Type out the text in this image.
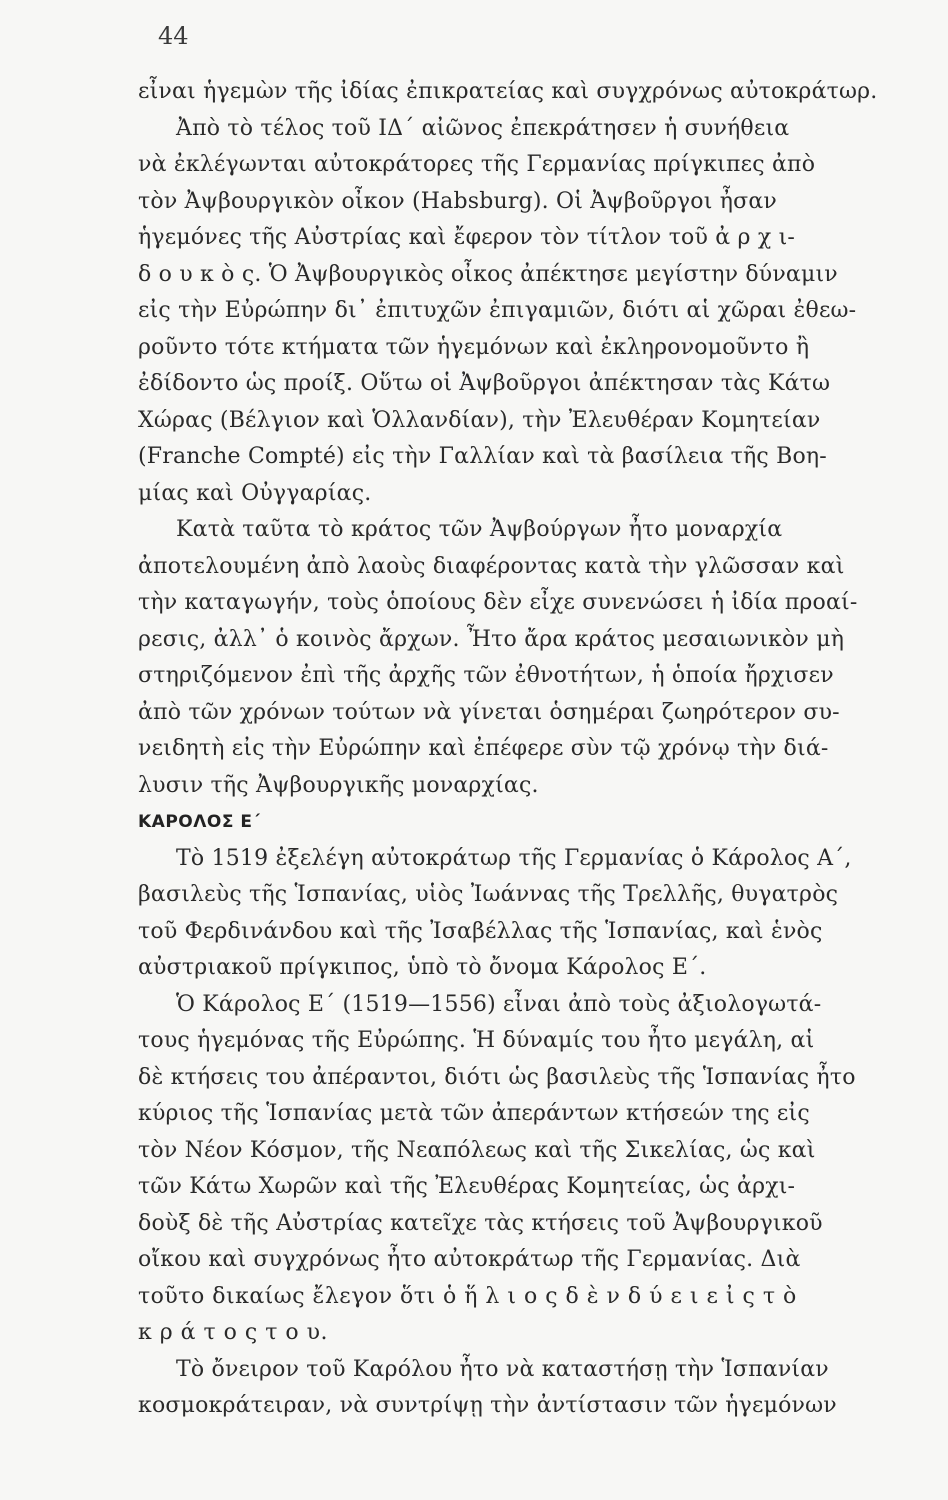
44
εἶναι ἡγεμὼν τῆς ἰδίας ἐπικρατείας καὶ συγχρόνως αὐτοκράτωρ.
Ἀπὸ τὸ τέλος τοῦ ΙΔ΄ αἰῶνος ἐπεκράτησεν ἡ συνήθεια
νὰ ἐκλέγωνται αὐτοκράτορες τῆς Γερμανίας πρίγκιπες ἀπὸ
τὸν Ἀψβουργικὸν οἶκον (Habsburg). Οἱ Ἀψβοῦργοι ἦσαν
ἡγεμόνες τῆς Αὐστρίας καὶ ἔφερον τὸν τίτλον τοῦ ἀ ρ χ ι-
δ ο υ κ ὸ ς. Ὁ Ἀψβουργικὸς οἶκος ἀπέκτησε μεγίστην δύναμιν
εἰς τὴν Εὐρώπην δι᾽ ἐπιτυχῶν ἐπιγαμιῶν, διότι αἱ χῶραι ἐθεω-
ροῦντο τότε κτήματα τῶν ἡγεμόνων καὶ ἐκληρονομοῦντο ἢ
ἐδίδοντο ὡς προίξ. Οὕτω οἱ Ἀψβοῦργοι ἀπέκτησαν τὰς Κάτω
Χώρας (Βέλγιον καὶ Ὁλλανδίαν), τὴν Ἐλευθέραν Κομητείαν
(Franche Compté) εἰς τὴν Γαλλίαν καὶ τὰ βασίλεια τῆς Βοη-
μίας καὶ Οὐγγαρίας.
Κατὰ ταῦτα τὸ κράτος τῶν Ἀψβούργων ἦτο μοναρχία
ἀποτελουμένη ἀπὸ λαοὺς διαφέροντας κατὰ τὴν γλῶσσαν καὶ
τὴν καταγωγήν, τοὺς ὁποίους δὲν εἶχε συνενώσει ἡ ἰδία προαί-
ρεσις, ἀλλ᾽ ὁ κοινὸς ἄρχων. Ἦτο ἄρα κράτος μεσαιωνικὸν μὴ
στηριζόμενον ἐπὶ τῆς ἀρχῆς τῶν ἐθνοτήτων, ἡ ὁποία ἤρχισεν
ἀπὸ τῶν χρόνων τούτων νὰ γίνεται ὁσημέραι ζωηρότερον συ-
νειδητὴ εἰς τὴν Εὐρώπην καὶ ἐπέφερε σὺν τῷ χρόνῳ τὴν διά-
λυσιν τῆς Ἀψβουργικῆς μοναρχίας.
ΚΑΡΟΛΟΣ Ε΄
Τὸ 1519 ἐξελέγη αὐτοκράτωρ τῆς Γερμανίας ὁ Κάρολος Α΄,
βασιλεὺς τῆς Ἱσπανίας, υἱὸς Ἰωάννας τῆς Τρελλῆς, θυγατρὸς
τοῦ Φερδινάνδου καὶ τῆς Ἰσαβέλλας τῆς Ἱσπανίας, καὶ ἑνὸς
αὐστριακοῦ πρίγκιπος, ὑπὸ τὸ ὄνομα Κάρολος Ε΄.
Ὁ Κάρολος Ε΄ (1519—1556) εἶναι ἀπὸ τοὺς ἀξιολογωτά-
τους ἡγεμόνας τῆς Εὐρώπης. Ἡ δύναμίς του ἦτο μεγάλη, αἱ
δὲ κτήσεις του ἀπέραντοι, διότι ὡς βασιλεὺς τῆς Ἱσπανίας ἦτο
κύριος τῆς Ἱσπανίας μετὰ τῶν ἀπεράντων κτήσεών της εἰς
τὸν Νέον Κόσμον, τῆς Νεαπόλεως καὶ τῆς Σικελίας, ὡς καὶ
τῶν Κάτω Χωρῶν καὶ τῆς Ἐλευθέρας Κομητείας, ὡς ἀρχι-
δοὺξ δὲ τῆς Αὐστρίας κατεῖχε τὰς κτήσεις τοῦ Ἀψβουργικοῦ
οἴκου καὶ συγχρόνως ἦτο αὐτοκράτωρ τῆς Γερμανίας. Διὰ
τοῦτο δικαίως ἔλεγον ὅτι ὁ ἥ λ ι ο ς δ ὲ ν δ ύ ε ι ε ἰ ς τ ὸ
κ ρ ά τ ο ς τ ο υ.
Τὸ ὄνειρον τοῦ Καρόλου ἦτο νὰ καταστήσῃ τὴν Ἱσπανίαν
κοσμοκράτειραν, νὰ συντρίψῃ τὴν ἀντίστασιν τῶν ἡγεμόνων
